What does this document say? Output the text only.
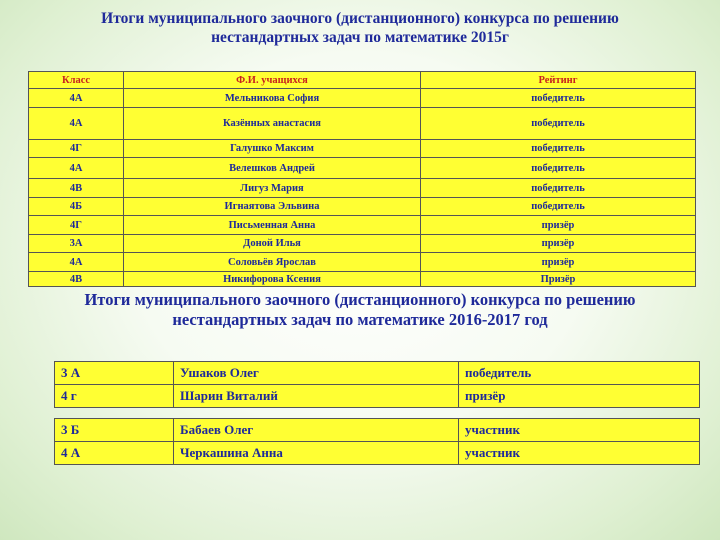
Итоги муниципального заочного (дистанционного) конкурса по решению
нестандартных задач по математике 2015г
Класс	Ф.И. учащихся	Рейтинг
4А	Мельникова София	победитель
4А	Казённых анастасия	победитель
4Г	Галушко Максим	победитель
4А	Велешков Андрей	победитель
4В	Лигуз Мария	победитель
4Б	Игнаятова Эльвина	победитель
4Г	Письменная Анна	призёр
3А	Доной Илья	призёр
4А	Соловьёв Ярослав	призёр
4В	Никифорова Ксения	Призёр
Итоги муниципального заочного (дистанционного) конкурса по решению
нестандартных задач по математике 2016-2017 год
3 А	Ушаков Олег	победитель
4 г	Шарин Виталий	призёр
3 Б	Бабаев Олег	участник
4 А	Черкашина Анна	участник
